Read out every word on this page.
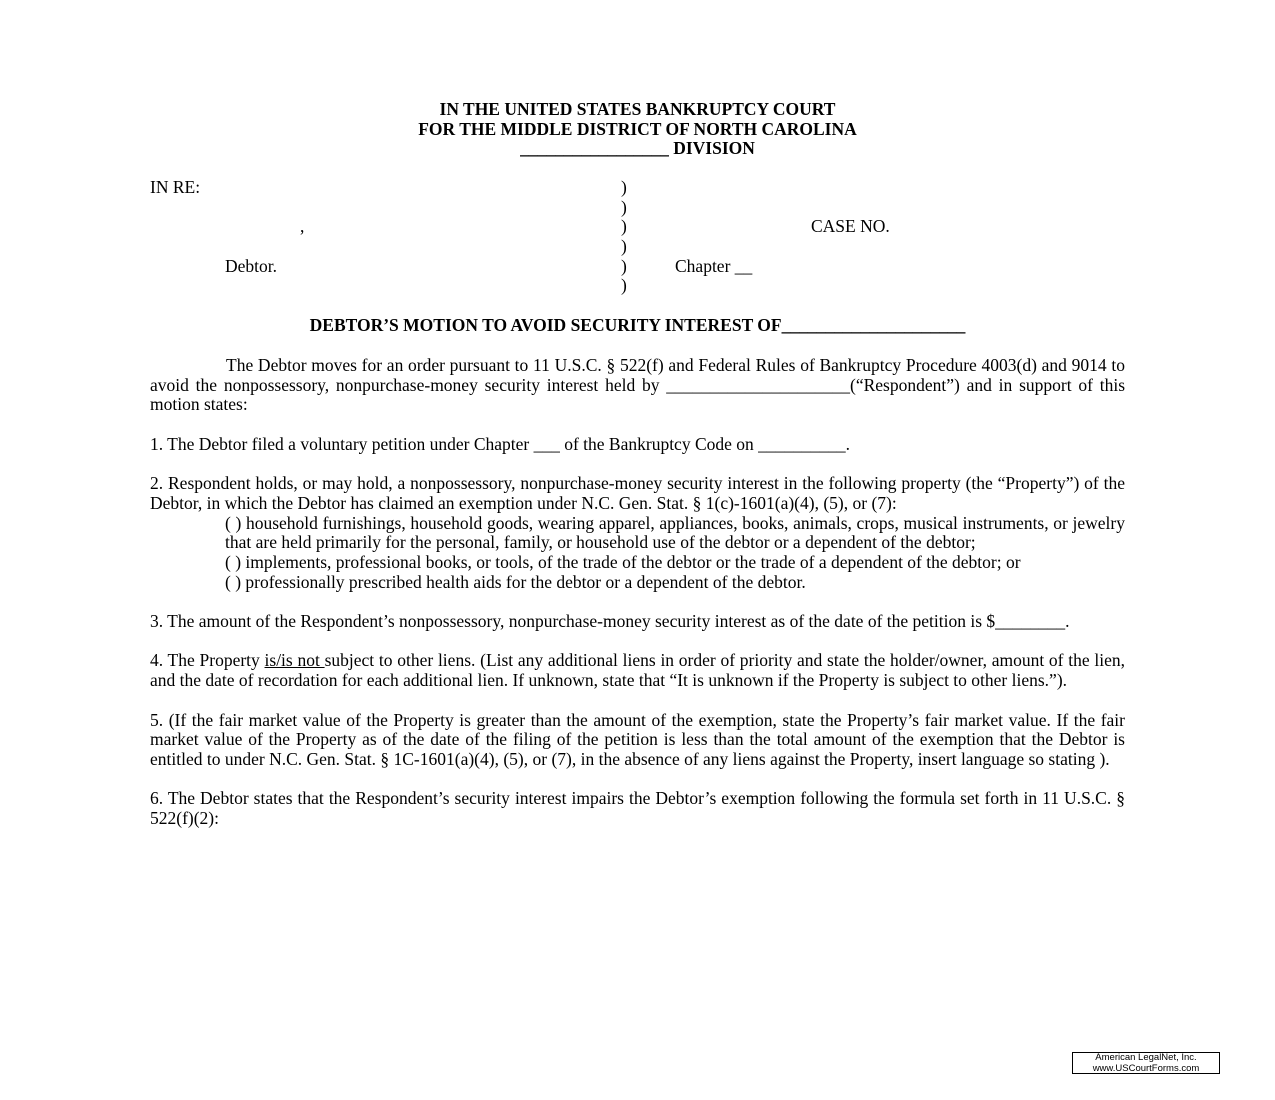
IN THE UNITED STATES BANKRUPTCY COURT
FOR THE MIDDLE DISTRICT OF NORTH CAROLINA
_________________ DIVISION
IN RE:
,
Debtor.
)
)
)
)
)
)
CASE NO.
Chapter __
DEBTOR’S MOTION TO AVOID SECURITY INTEREST OF_____________________

The Debtor moves for an order pursuant to 11 U.S.C. § 522(f) and Federal Rules of Bankruptcy Procedure 4003(d) and 9014 to avoid the nonpossessory, nonpurchase-money security interest held by _____________________(“Respondent”) and in support of this motion states:

1. The Debtor filed a voluntary petition under Chapter ___ of the Bankruptcy Code on __________.

2. Respondent holds, or may hold, a nonpossessory, nonpurchase-money security interest in the following property (the “Property”) of the Debtor, in which the Debtor has claimed an exemption under N.C. Gen. Stat. § 1(c)-1601(a)(4), (5), or (7):

( ) household furnishings, household goods, wearing apparel, appliances, books, animals, crops, musical instruments, or jewelry that are held primarily for the personal, family, or household use of the debtor or a dependent of the debtor;
( ) implements, professional books, or tools, of the trade of the debtor or the trade of a dependent of the debtor; or
( ) professionally prescribed health aids for the debtor or a dependent of the debtor.

3. The amount of the Respondent’s nonpossessory, nonpurchase-money security interest as of the date of the petition is $________.

4. The Property is/is not subject to other liens. (List any additional liens in order of priority and state the holder/owner, amount of the lien, and the date of recordation for each additional lien. If unknown, state that “It is unknown if the Property is subject to other liens.”).

5. (If the fair market value of the Property is greater than the amount of the exemption, state the Property’s fair market value. If the fair market value of the Property as of the date of the filing of the petition is less than the total amount of the exemption that the Debtor is entitled to under N.C. Gen. Stat. § 1C-1601(a)(4), (5), or (7), in the absence of any liens against the Property, insert language so stating ).

6. The Debtor states that the Respondent’s security interest impairs the Debtor’s exemption following the formula set forth in 11 U.S.C. § 522(f)(2):

American LegalNet, Inc.
www.USCourtForms.com
